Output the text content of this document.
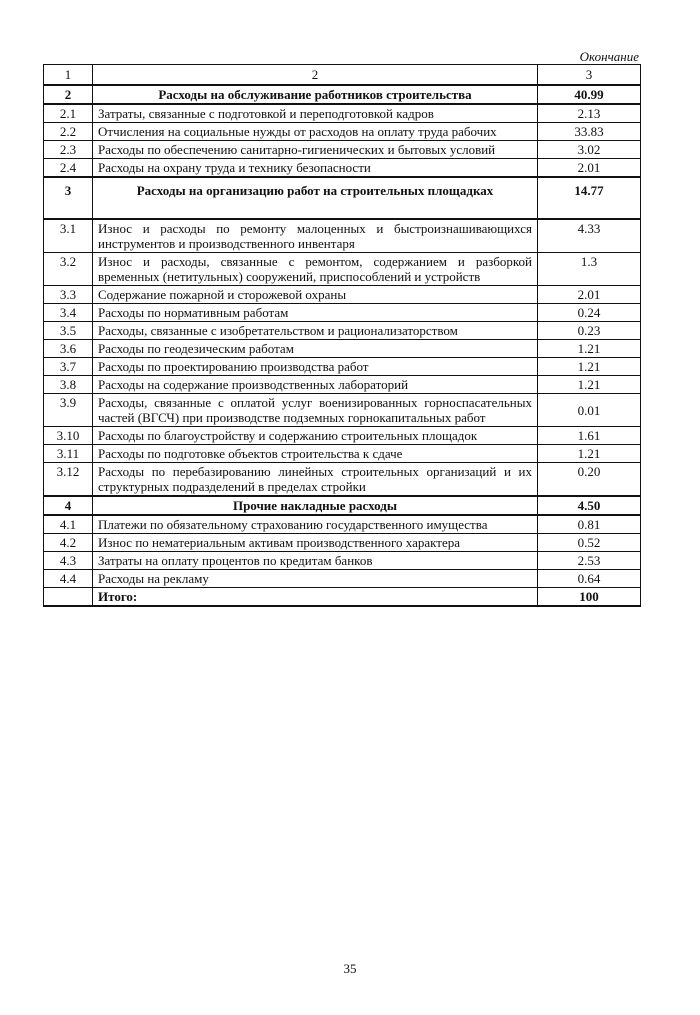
Окончание
1	2	3
2	Расходы на обслуживание работников строительства	40.99
2.1	Затраты, связанные с подготовкой и переподготовкой кадров	2.13
2.2	Отчисления на социальные нужды от расходов на оплату труда рабочих	33.83
2.3	Расходы по обеспечению санитарно-гигиенических и бытовых условий	3.02
2.4	Расходы на охрану труда и технику безопасности	2.01
3	Расходы на организацию работ на строительных площадках	14.77
3.1	Износ и расходы по ремонту малоценных и быстроизнашивающихся инструментов и производственного инвентаря	4.33
3.2	Износ и расходы, связанные с ремонтом, содержанием и разборкой временных (нетитульных) сооружений, приспособлений и устройств	1.3
3.3	Содержание пожарной и сторожевой охраны	2.01
3.4	Расходы по нормативным работам	0.24
3.5	Расходы, связанные с изобретательством и рационализаторством	0.23
3.6	Расходы по геодезическим работам	1.21
3.7	Расходы по проектированию производства работ	1.21
3.8	Расходы на содержание производственных лабораторий	1.21
3.9	Расходы, связанные с оплатой услуг военизированных горноспасательных частей (ВГСЧ) при производстве подземных горнокапитальных работ	0.01
3.10	Расходы по благоустройству и содержанию строительных площадок	1.61
3.11	Расходы по подготовке объектов строительства к сдаче	1.21
3.12	Расходы по перебазированию линейных строительных организаций и их структурных подразделений в пределах стройки	0.20
4	Прочие накладные расходы	4.50
4.1	Платежи по обязательному страхованию государственного имущества	0.81
4.2	Износ по нематериальным активам производственного характера	0.52
4.3	Затраты на оплату процентов по кредитам банков	2.53
4.4	Расходы на рекламу	0.64
	Итого:	100
35
